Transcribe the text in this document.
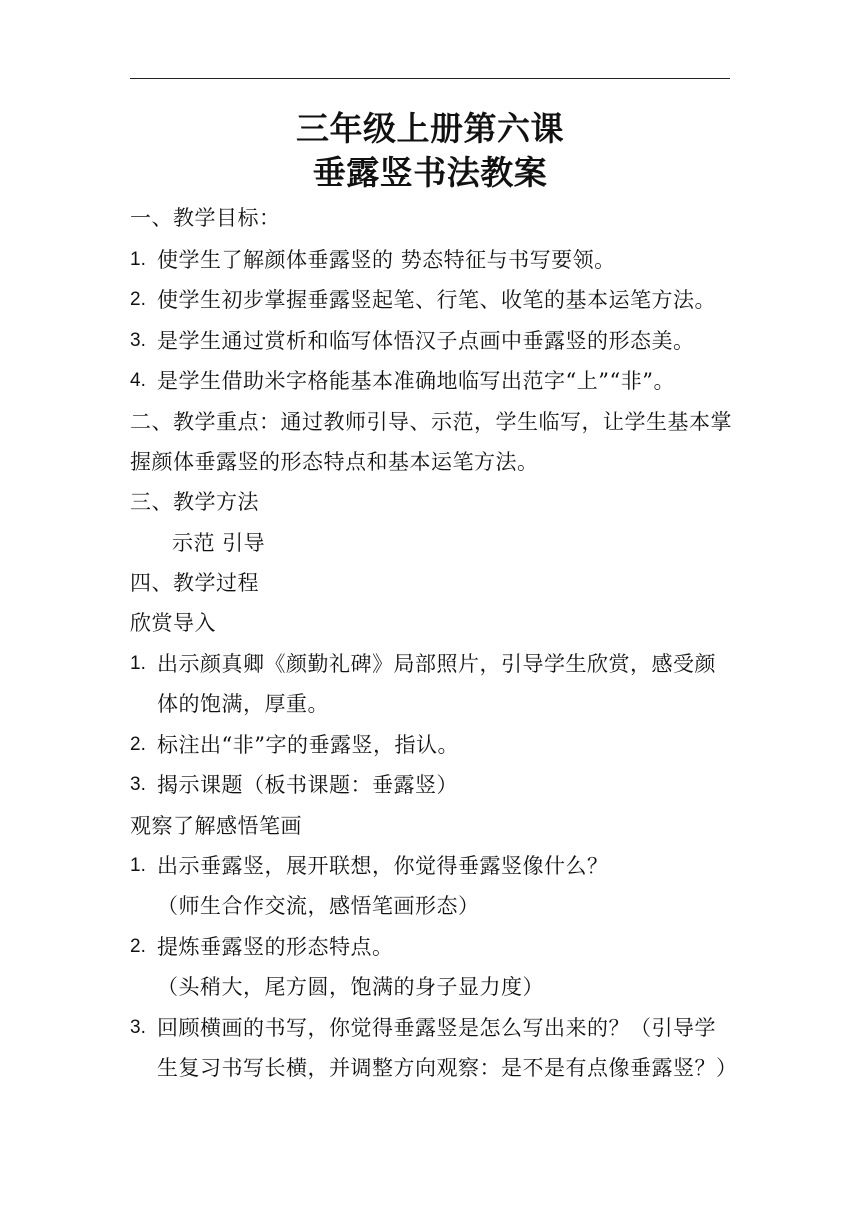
三年级上册第六课
垂露竖书法教案
一、教学目标：
1. 使学生了解颜体垂露竖的 势态特征与书写要领。
2. 使学生初步掌握垂露竖起笔、行笔、收笔的基本运笔方法。
3. 是学生通过赏析和临写体悟汉子点画中垂露竖的形态美。
4. 是学生借助米字格能基本准确地临写出范字“上”“非”。
二、教学重点：通过教师引导、示范，学生临写，让学生基本掌
握颜体垂露竖的形态特点和基本运笔方法。
三、教学方法
示范 引导
四、教学过程
欣赏导入
1. 出示颜真卿《颜勤礼碑》局部照片，引导学生欣赏，感受颜
体的饱满，厚重。
2. 标注出“非”字的垂露竖，指认。
3. 揭示课题（板书课题：垂露竖）
观察了解感悟笔画
1. 出示垂露竖，展开联想，你觉得垂露竖像什么？
（师生合作交流，感悟笔画形态）
2. 提炼垂露竖的形态特点。
（头稍大，尾方圆，饱满的身子显力度）
3. 回顾横画的书写，你觉得垂露竖是怎么写出来的？（引导学
生复习书写长横，并调整方向观察：是不是有点像垂露竖？）
